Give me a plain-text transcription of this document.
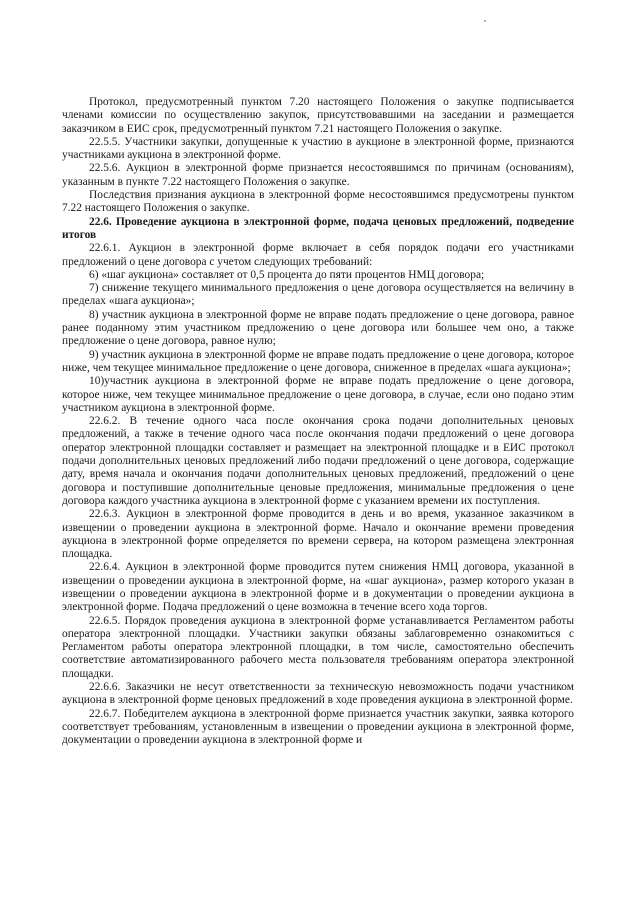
Протокол, предусмотренный пунктом 7.20 настоящего Положения о закупке подписывается членами комиссии по осуществлению закупок, присутствовавшими на заседании и размещается заказчиком в ЕИС срок, предусмотренный пунктом 7.21 настоящего Положения о закупке.

22.5.5. Участники закупки, допущенные к участию в аукционе в электронной форме, признаются участниками аукциона в электронной форме.

22.5.6. Аукцион в электронной форме признается несостоявшимся по причинам (основаниям), указанным в пункте 7.22 настоящего Положения о закупке.

Последствия признания аукциона в электронной форме несостоявшимся предусмотрены пунктом 7.22 настоящего Положения о закупке.

22.6. Проведение аукциона в электронной форме, подача ценовых предложений, подведение итогов

22.6.1. Аукцион в электронной форме включает в себя порядок подачи его участниками предложений о цене договора с учетом следующих требований:

6) «шаг аукциона» составляет от 0,5 процента до пяти процентов НМЦ договора;

7) снижение текущего минимального предложения о цене договора осуществляется на величину в пределах «шага аукциона»;

8) участник аукциона в электронной форме не вправе подать предложение о цене договора, равное ранее поданному этим участником предложению о цене договора или большее чем оно, а также предложение о цене договора, равное нулю;

9) участник аукциона в электронной форме не вправе подать предложение о цене договора, которое ниже, чем текущее минимальное предложение о цене договора, сниженное в пределах «шага аукциона»;

10)участник аукциона в электронной форме не вправе подать предложение о цене договора, которое ниже, чем текущее минимальное предложение о цене договора, в случае, если оно подано этим участником аукциона в электронной форме.

22.6.2. В течение одного часа после окончания срока подачи дополнительных ценовых предложений, а также в течение одного часа после окончания подачи предложений о цене договора оператор электронной площадки составляет и размещает на электронной площадке и в ЕИС протокол подачи дополнительных ценовых предложений либо подачи предложений о цене договора, содержащие дату, время начала и окончания подачи дополнительных ценовых предложений, предложений о цене договора и поступившие дополнительные ценовые предложения, минимальные предложения о цене договора каждого участника аукциона в электронной форме с указанием времени их поступления.

22.6.3. Аукцион в электронной форме проводится в день и во время, указанное заказчиком в извещении о проведении аукциона в электронной форме. Начало и окончание времени проведения аукциона в электронной форме определяется по времени сервера, на котором размещена электронная площадка.

22.6.4. Аукцион в электронной форме проводится путем снижения НМЦ договора, указанной в извещении о проведении аукциона в электронной форме, на «шаг аукциона», размер которого указан в извещении о проведении аукциона в электронной форме и в документации о проведении аукциона в электронной форме. Подача предложений о цене возможна в течение всего хода торгов.

22.6.5. Порядок проведения аукциона в электронной форме устанавливается Регламентом работы оператора электронной площадки. Участники закупки обязаны заблаговременно ознакомиться с Регламентом работы оператора электронной площадки, в том числе, самостоятельно обеспечить соответствие автоматизированного рабочего места пользователя требованиям оператора электронной площадки.

22.6.6. Заказчики не несут ответственности за техническую невозможность подачи участником аукциона в электронной форме ценовых предложений в ходе проведения аукциона в электронной форме.

22.6.7. Победителем аукциона в электронной форме признается участник закупки, заявка которого соответствует требованиям, установленным в извещении о проведении аукциона в электронной форме, документации о проведении аукциона в электронной форме и
